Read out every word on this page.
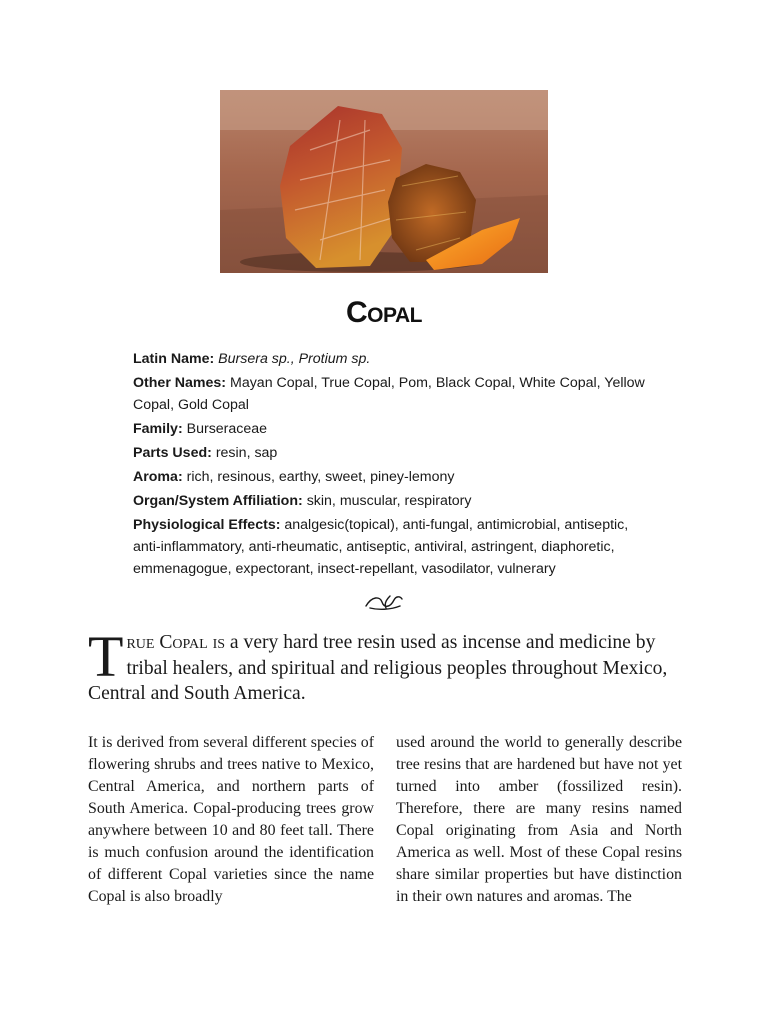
Copal

Latin Name: Bursera sp., Protium sp.

Other Names: Mayan Copal, True Copal, Pom, Black Copal, White Copal, Yellow Copal, Gold Copal

Family: Burseraceae

Parts Used: resin, sap

Aroma: rich, resinous, earthy, sweet, piney-lemony

Organ/System Affiliation: skin, muscular, respiratory

Physiological Effects: analgesic(topical), anti-fungal, antimicrobial, antiseptic, anti-inflammatory, anti-rheumatic, antiseptic, antiviral, astringent, diaphoretic, emmenagogue, expectorant, insect-repellant, vasodilator, vulnerary

True Copal is a very hard tree resin used as incense and medicine by tribal healers, and spiritual and religious peoples throughout Mexico, Central and South America.
It is derived from several different species of flowering shrubs and trees native to Mexico, Central America, and northern parts of South America. Copal-producing trees grow anywhere between 10 and 80 feet tall. There is much confusion around the identification of different Copal varieties since the name Copal is also broadly
used around the world to generally describe tree resins that are hardened but have not yet turned into amber (fossilized resin). Therefore, there are many resins named Copal originating from Asia and North America as well. Most of these Copal resins share similar properties but have distinction in their own natures and aromas. The
